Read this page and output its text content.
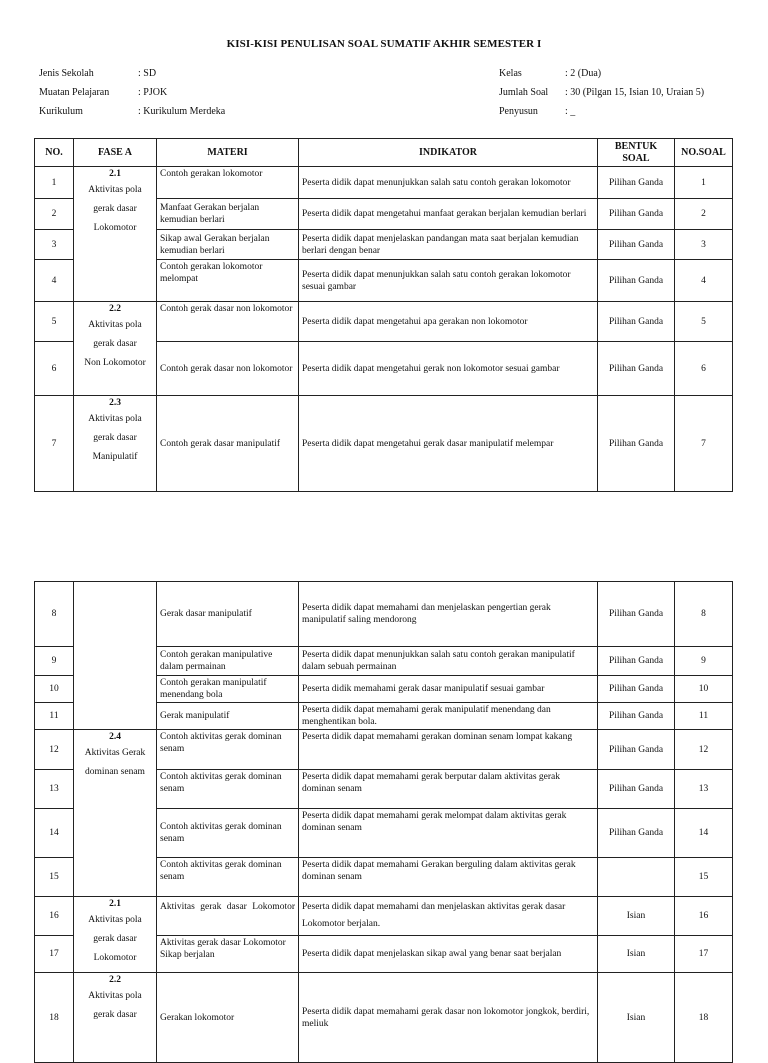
KISI-KISI PENULISAN SOAL SUMATIF AKHIR SEMESTER I
Jenis Sekolah	: SD
Muatan Pelajaran	: PJOK
Kurikulum	: Kurikulum Merdeka
Kelas	: 2 (Dua)
Jumlah Soal	: 30 (Pilgan 15, Isian 10, Uraian 5)
Penyusun	: _
NO.	FASE A	MATERI	INDIKATOR	BENTUK SOAL	NO.SOAL
1	2.1
Aktivitas pola
gerak dasar
Lokomotor	Contoh gerakan lokomotor	Peserta didik dapat menunjukkan salah satu contoh gerakan lokomotor	Pilihan Ganda	1
2		Manfaat Gerakan berjalan kemudian berlari	Peserta didik dapat mengetahui manfaat gerakan berjalan kemudian berlari	Pilihan Ganda	2
3		Sikap awal Gerakan berjalan kemudian berlari	Peserta didik dapat menjelaskan pandangan mata saat berjalan kemudian berlari dengan benar	Pilihan Ganda	3
4		Contoh gerakan lokomotor melompat	Peserta didik dapat menunjukkan salah satu contoh gerakan lokomotor sesuai gambar	Pilihan Ganda	4
5	2.2
Aktivitas pola
gerak dasar
Non Lokomotor	Contoh gerak dasar non lokomotor	Peserta didik dapat mengetahui apa gerakan non lokomotor	Pilihan Ganda	5
6		Contoh gerak dasar non lokomotor	Peserta didik dapat mengetahui gerak non lokomotor sesuai gambar	Pilihan Ganda	6
7	2.3
Aktivitas pola
gerak dasar
Manipulatif	Contoh gerak dasar manipulatif	Peserta didik dapat mengetahui gerak dasar manipulatif melempar	Pilihan Ganda	7
8		Gerak dasar manipulatif	Peserta didik dapat memahami dan menjelaskan pengertian gerak manipulatif saling mendorong	Pilihan Ganda	8
9		Contoh gerakan manipulative dalam permainan	Peserta didik dapat menunjukkan salah satu contoh gerakan manipulatif dalam sebuah permainan	Pilihan Ganda	9
10		Contoh gerakan manipulatif menendang bola	Peserta didik memahami gerak dasar manipulatif sesuai gambar	Pilihan Ganda	10
11		Gerak manipulatif	Peserta didik dapat memahami gerak manipulatif menendang dan menghentikan bola.	Pilihan Ganda	11
12	2.4
Aktivitas Gerak
dominan senam	Contoh aktivitas gerak dominan senam	Peserta didik dapat memahami gerakan dominan senam lompat kakang	Pilihan Ganda	12
13		Contoh aktivitas gerak dominan senam	Peserta didik dapat memahami gerak berputar dalam aktivitas gerak dominan senam	Pilihan Ganda	13
14		Contoh aktivitas gerak dominan senam	Peserta didik dapat memahami gerak melompat dalam aktivitas gerak dominan senam	Pilihan Ganda	14
15		Contoh aktivitas gerak dominan senam	Peserta didik dapat memahami Gerakan berguling dalam aktivitas gerak dominan senam		15
16	2.1
Aktivitas pola
gerak dasar
Lokomotor	Aktivitas gerak dasar Lokomotor	Peserta didik dapat memahami dan menjelaskan aktivitas gerak dasar Lokomotor berjalan.	Isian	16
17		Aktivitas gerak dasar Lokomotor Sikap berjalan	Peserta didik dapat menjelaskan sikap awal yang benar saat berjalan	Isian	17
18	2.2
Aktivitas pola
gerak dasar	Gerakan lokomotor	Peserta didik dapat memahami gerak dasar non lokomotor jongkok, berdiri, meliuk	Isian	18
